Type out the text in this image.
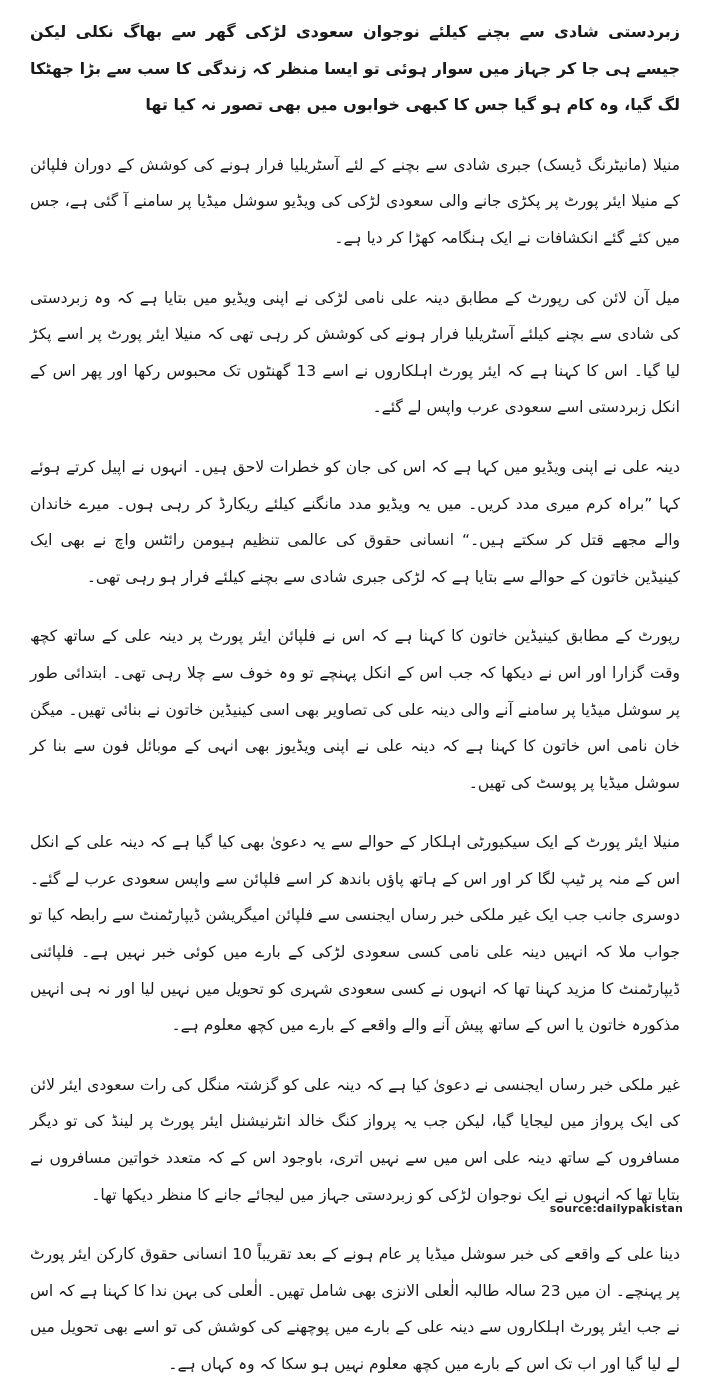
زبردستی شادی سے بچنے کیلئے نوجوان سعودی لڑکی گھر سے بھاگ نکلی لیکن جیسے ہی جا کر جہاز میں سوار ہوئی تو ایسا منظر کہ زندگی کا سب سے بڑا جھٹکا لگ گیا، وہ کام ہو گیا جس کا کبھی خوابوں میں بھی تصور نہ کیا تھا

منیلا (مانیٹرنگ ڈیسک) جبری شادی سے بچنے کے لئے آسٹریلیا فرار ہونے کی کوشش کے دوران فلپائن کے منیلا ایئر پورٹ پر پکڑی جانے والی سعودی لڑکی کی ویڈیو سوشل میڈیا پر سامنے آ گئی ہے، جس میں کئے گئے انکشافات نے ایک ہنگامہ کھڑا کر دیا ہے۔

میل آن لائن کی رپورٹ کے مطابق دینہ علی نامی لڑکی نے اپنی ویڈیو میں بتایا ہے کہ وہ زبردستی کی شادی سے بچنے کیلئے آسٹریلیا فرار ہونے کی کوشش کر رہی تھی کہ منیلا ایئر پورٹ پر اسے پکڑ لیا گیا۔ اس کا کہنا ہے کہ ایئر پورٹ اہلکاروں نے اسے 13 گھنٹوں تک محبوس رکھا اور پھر اس کے انکل زبردستی اسے سعودی عرب واپس لے گئے۔

دینہ علی نے اپنی ویڈیو میں کہا ہے کہ اس کی جان کو خطرات لاحق ہیں۔ انہوں نے اپیل کرتے ہوئے کہا ”براہ کرم میری مدد کریں۔ میں یہ ویڈیو مدد مانگنے کیلئے ریکارڈ کر رہی ہوں۔ میرے خاندان والے مجھے قتل کر سکتے ہیں۔“ انسانی حقوق کی عالمی تنظیم ہیومن رائٹس واچ نے بھی ایک کینیڈین خاتون کے حوالے سے بتایا ہے کہ لڑکی جبری شادی سے بچنے کیلئے فرار ہو رہی تھی۔

رپورٹ کے مطابق کینیڈین خاتون کا کہنا ہے کہ اس نے فلپائن ایئر پورٹ پر دینہ علی کے ساتھ کچھ وقت گزارا اور اس نے دیکھا کہ جب اس کے انکل پہنچے تو وہ خوف سے چلا رہی تھی۔ ابتدائی طور پر سوشل میڈیا پر سامنے آنے والی دینہ علی کی تصاویر بھی اسی کینیڈین خاتون نے بنائی تھیں۔ میگن خان نامی اس خاتون کا کہنا ہے کہ دینہ علی نے اپنی ویڈیوز بھی انہی کے موبائل فون سے بنا کر سوشل میڈیا پر پوسٹ کی تھیں۔

منیلا ایئر پورٹ کے ایک سیکیورٹی اہلکار کے حوالے سے یہ دعویٰ بھی کیا گیا ہے کہ دینہ علی کے انکل اس کے منہ پر ٹیپ لگا کر اور اس کے ہاتھ پاؤں باندھ کر اسے فلپائن سے واپس سعودی عرب لے گئے۔ دوسری جانب جب ایک غیر ملکی خبر رساں ایجنسی سے فلپائن امیگریشن ڈیپارٹمنٹ سے رابطہ کیا تو جواب ملا کہ انہیں دینہ علی نامی کسی سعودی لڑکی کے بارے میں کوئی خبر نہیں ہے۔ فلپائنی ڈیپارٹمنٹ کا مزید کہنا تھا کہ انہوں نے کسی سعودی شہری کو تحویل میں نہیں لیا اور نہ ہی انہیں مذکورہ خاتون یا اس کے ساتھ پیش آنے والے واقعے کے بارے میں کچھ معلوم ہے۔

غیر ملکی خبر رساں ایجنسی نے دعویٰ کیا ہے کہ دینہ علی کو گزشتہ منگل کی رات سعودی ایئر لائن کی ایک پرواز میں لیجایا گیا، لیکن جب یہ پرواز کنگ خالد انٹرنیشنل ایئر پورٹ پر لینڈ کی تو دیگر مسافروں کے ساتھ دینہ علی اس میں سے نہیں اتری، باوجود اس کے کہ متعدد خواتین مسافروں نے بتایا تھا کہ انہوں نے ایک نوجوان لڑکی کو زبردستی جہاز میں لیجائے جانے کا منظر دیکھا تھا۔

دینا علی کے واقعے کی خبر سوشل میڈیا پر عام ہونے کے بعد تقریباً 10 انسانی حقوق کارکن ایئر پورٹ پر پہنچے۔ ان میں 23 سالہ طالبہ الٰعلی الانزی بھی شامل تھیں۔ الٰعلی کی بہن ندا کا کہنا ہے کہ اس نے جب ایئر پورٹ اہلکاروں سے دینہ علی کے بارے میں پوچھنے کی کوشش کی تو اسے بھی تحویل میں لے لیا گیا اور اب تک اس کے بارے میں کچھ معلوم نہیں ہو سکا کہ وہ کہاں ہے۔

source:dailypakistan
